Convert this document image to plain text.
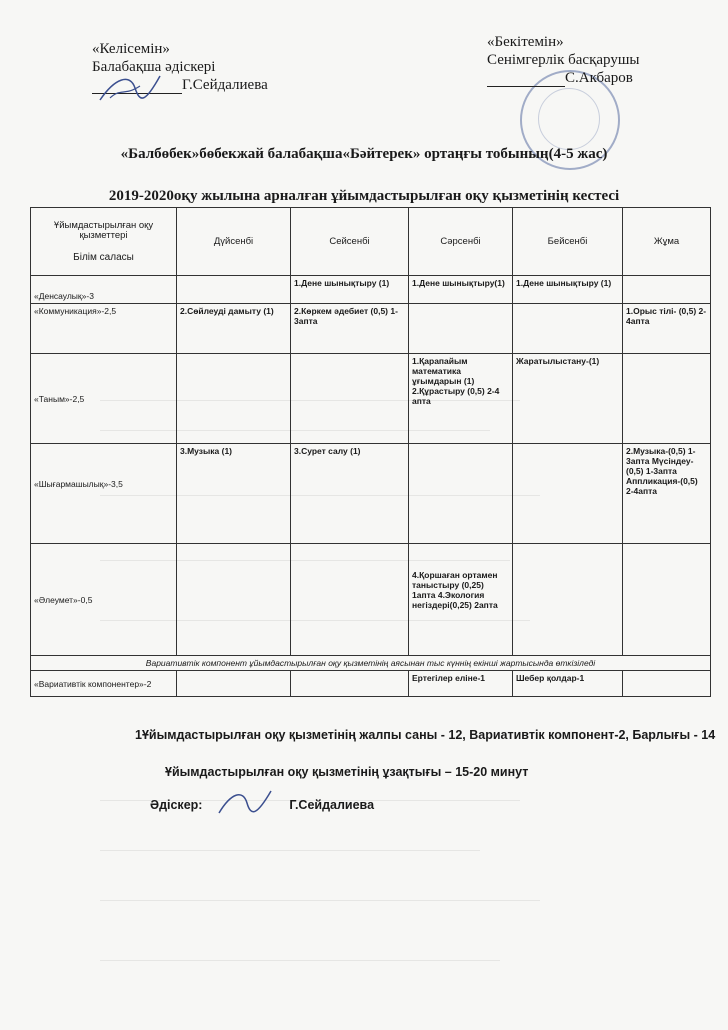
«Келісемін»
Балабақша әдіскері
Г.Сейдалиева
«Бекітемін»
Сенімгерлік басқарушы
С.Акбаров
«Балбөбек»бөбекжай балабақша«Бәйтерек» ортаңғы тобының(4-5 жас)
2019-2020оқу жылына арналған ұйымдастырылған оқу қызметінің кестесі
Ұйымдастырылған оқу қызметтері
Білім саласы	Дүйсенбі	Сейсенбі	Сәрсенбі	Бейсенбі	Жұма
«Денсаулық»-3		1.Дене шынықтыру (1)	1.Дене шынықтыру(1)	1.Дене шынықтыру (1)	
«Коммуникация»-2,5	2.Сөйлеуді дамыту (1)	2.Көркем әдебиет (0,5) 1-3апта			1.Орыс тілі- (0,5) 2-4апта
«Таным»-2,5			1.Қарапайым математика ұғымдарын (1) 2.Құрастыру (0,5) 2-4 апта	Жаратылыстану-(1)	
«Шығармашылық»-3,5	3.Музыка (1)	3.Сурет салу (1)			2.Музыка-(0,5) 1-3апта Мүсіндеу-(0,5) 1-3апта Аппликация-(0,5) 2-4апта
«Әлеумет»-0,5			4.Қоршаған ортамен таныстыру (0,25) 1апта 4.Экология негіздері(0,25) 2апта		
Вариативтік компонент ұйымдастырылған оқу қызметінің аясынан тыс күннің екінші жартысында өткізіледі					
«Вариативтік компонентер»-2			Ертегілер еліне-1	Шебер қолдар-1	
1Ұйымдастырылған оқу қызметінің жалпы саны - 12, Вариативтік компонент-2, Барлығы - 14
Ұйымдастырылған оқу қызметінің ұзақтығы – 15-20 минут
Әдіскер:	Г.Сейдалиева
